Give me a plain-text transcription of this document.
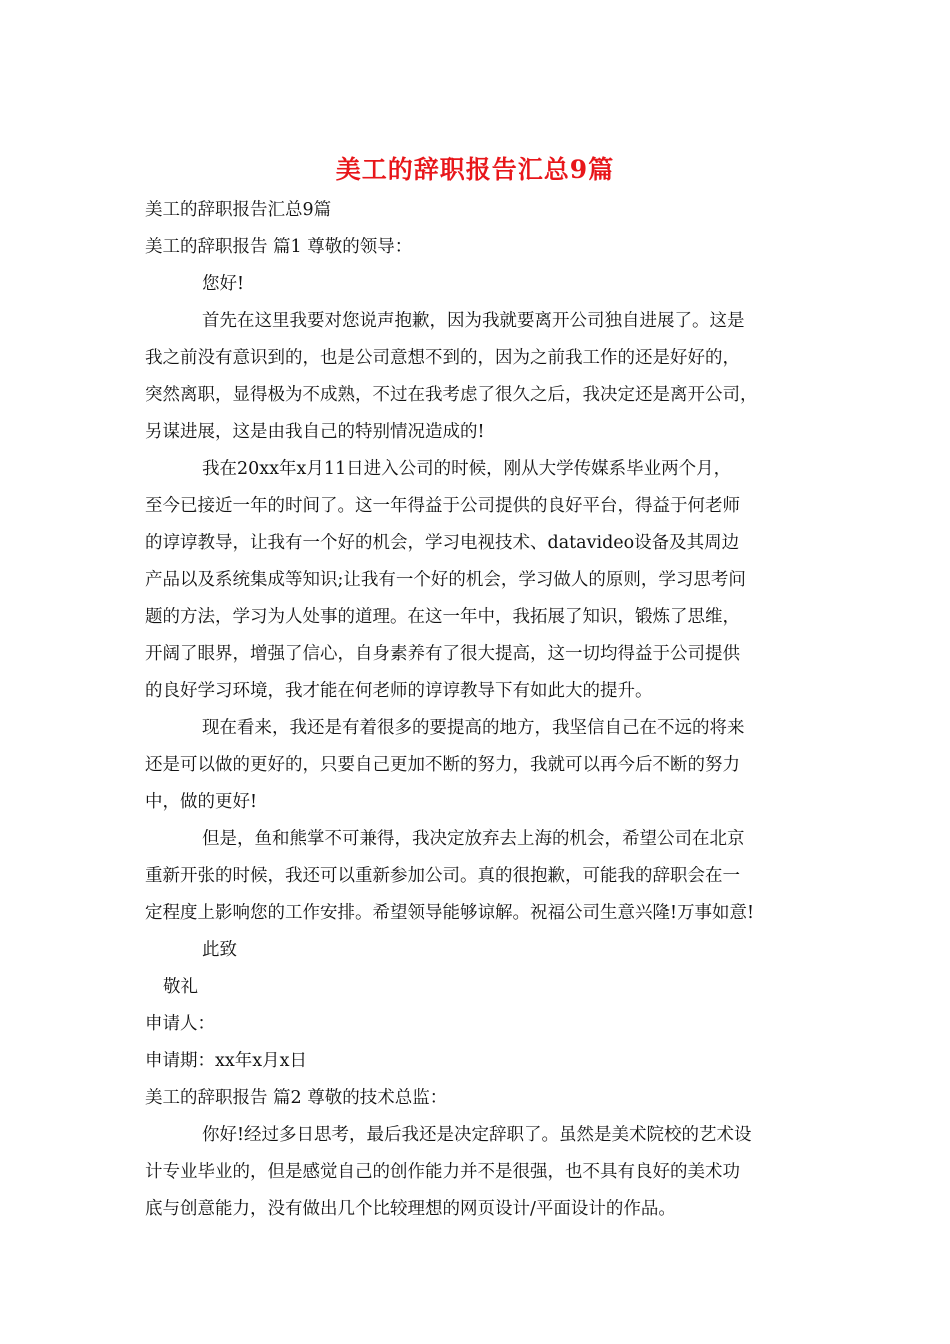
美工的辞职报告汇总9篇
美工的辞职报告汇总9篇
美工的辞职报告 篇1 尊敬的领导：
您好!
首先在这里我要对您说声抱歉，因为我就要离开公司独自进展了。这是
我之前没有意识到的，也是公司意想不到的，因为之前我工作的还是好好的，
突然离职，显得极为不成熟，不过在我考虑了很久之后，我决定还是离开公司，
另谋进展，这是由我自己的特别情况造成的!
我在20xx年x月11日进入公司的时候，刚从大学传媒系毕业两个月，
至今已接近一年的时间了。这一年得益于公司提供的良好平台，得益于何老师
的谆谆教导，让我有一个好的机会，学习电视技术、datavideo设备及其周边
产品以及系统集成等知识;让我有一个好的机会，学习做人的原则，学习思考问
题的方法，学习为人处事的道理。在这一年中，我拓展了知识，锻炼了思维，
开阔了眼界，增强了信心，自身素养有了很大提高，这一切均得益于公司提供
的良好学习环境，我才能在何老师的谆谆教导下有如此大的提升。
现在看来，我还是有着很多的要提高的地方，我坚信自己在不远的将来
还是可以做的更好的，只要自己更加不断的努力，我就可以再今后不断的努力
中，做的更好!
但是，鱼和熊掌不可兼得，我决定放弃去上海的机会，希望公司在北京
重新开张的时候，我还可以重新参加公司。真的很抱歉，可能我的辞职会在一
定程度上影响您的工作安排。希望领导能够谅解。祝福公司生意兴隆!万事如意!
此致
敬礼
申请人：
申请期：xx年x月x日
美工的辞职报告 篇2 尊敬的技术总监：
你好!经过多日思考，最后我还是决定辞职了。虽然是美术院校的艺术设
计专业毕业的，但是感觉自己的创作能力并不是很强，也不具有良好的美术功
底与创意能力，没有做出几个比较理想的网页设计/平面设计的作品。
